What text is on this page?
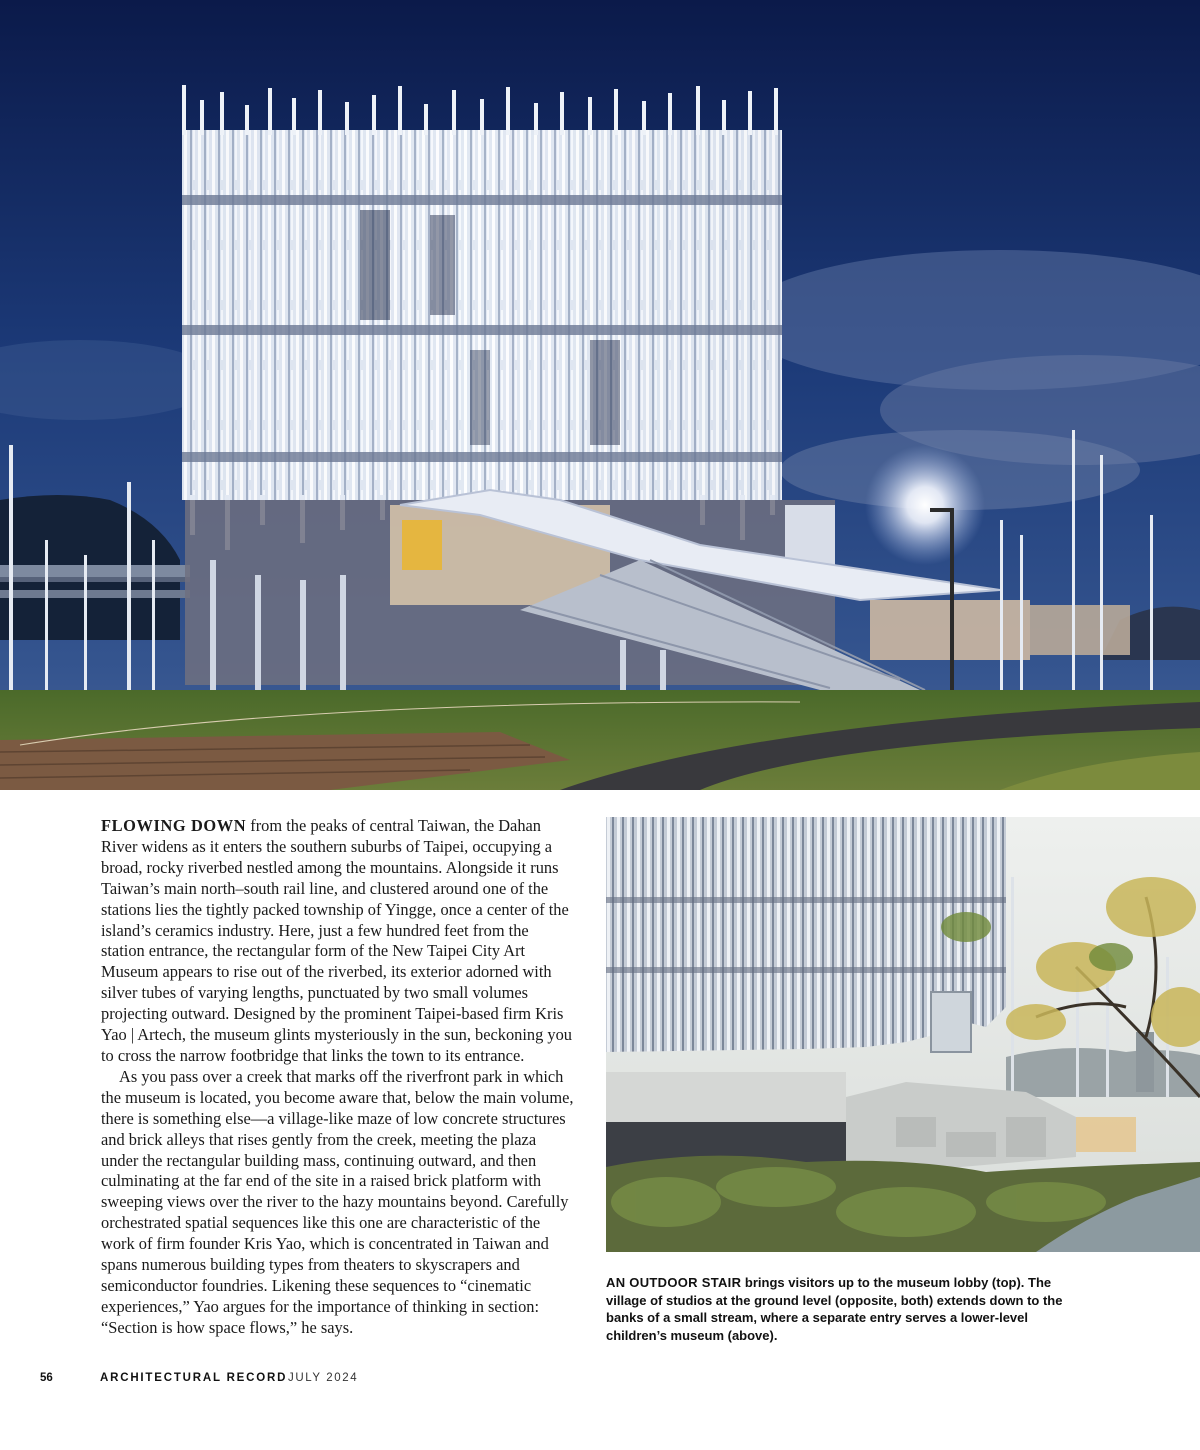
FLOWING DOWN from the peaks of central Taiwan, the Dahan River widens as it enters the southern suburbs of Taipei, occupying a broad, rocky riverbed nestled among the mountains. Alongside it runs Taiwan’s main north–south rail line, and clustered around one of the stations lies the tightly packed township of Yingge, once a center of the island’s ceramics industry. Here, just a few hundred feet from the station entrance, the rectangular form of the New Taipei City Art Museum appears to rise out of the riverbed, its exterior adorned with silver tubes of varying lengths, punctuated by two small volumes projecting outward. Designed by the prominent Taipei-based firm Kris Yao | Artech, the museum glints mysteriously in the sun, beckoning you to cross the narrow footbridge that links the town to its entrance.

As you pass over a creek that marks off the riverfront park in which the museum is located, you become aware that, below the main volume, there is something else—a village-like maze of low concrete structures and brick alleys that rises gently from the creek, meeting the plaza under the rectangular building mass, continuing outward, and then culminating at the far end of the site in a raised brick platform with sweeping views over the river to the hazy mountains beyond. Carefully orchestrated spatial sequences like this one are characteristic of the work of firm founder Kris Yao, which is concentrated in Taiwan and spans numerous building types from theaters to skyscrapers and semiconductor foundries. Likening these sequences to “cinematic experiences,” Yao argues for the importance of thinking in section: “Section is how space flows,” he says.

AN OUTDOOR STAIR brings visitors up to the museum lobby (top). The village of studios at the ground level (opposite, both) extends down to the banks of a small stream, where a separate entry serves a lower-level children’s museum (above).
56	ARCHITECTURAL RECORD JULY 2024
